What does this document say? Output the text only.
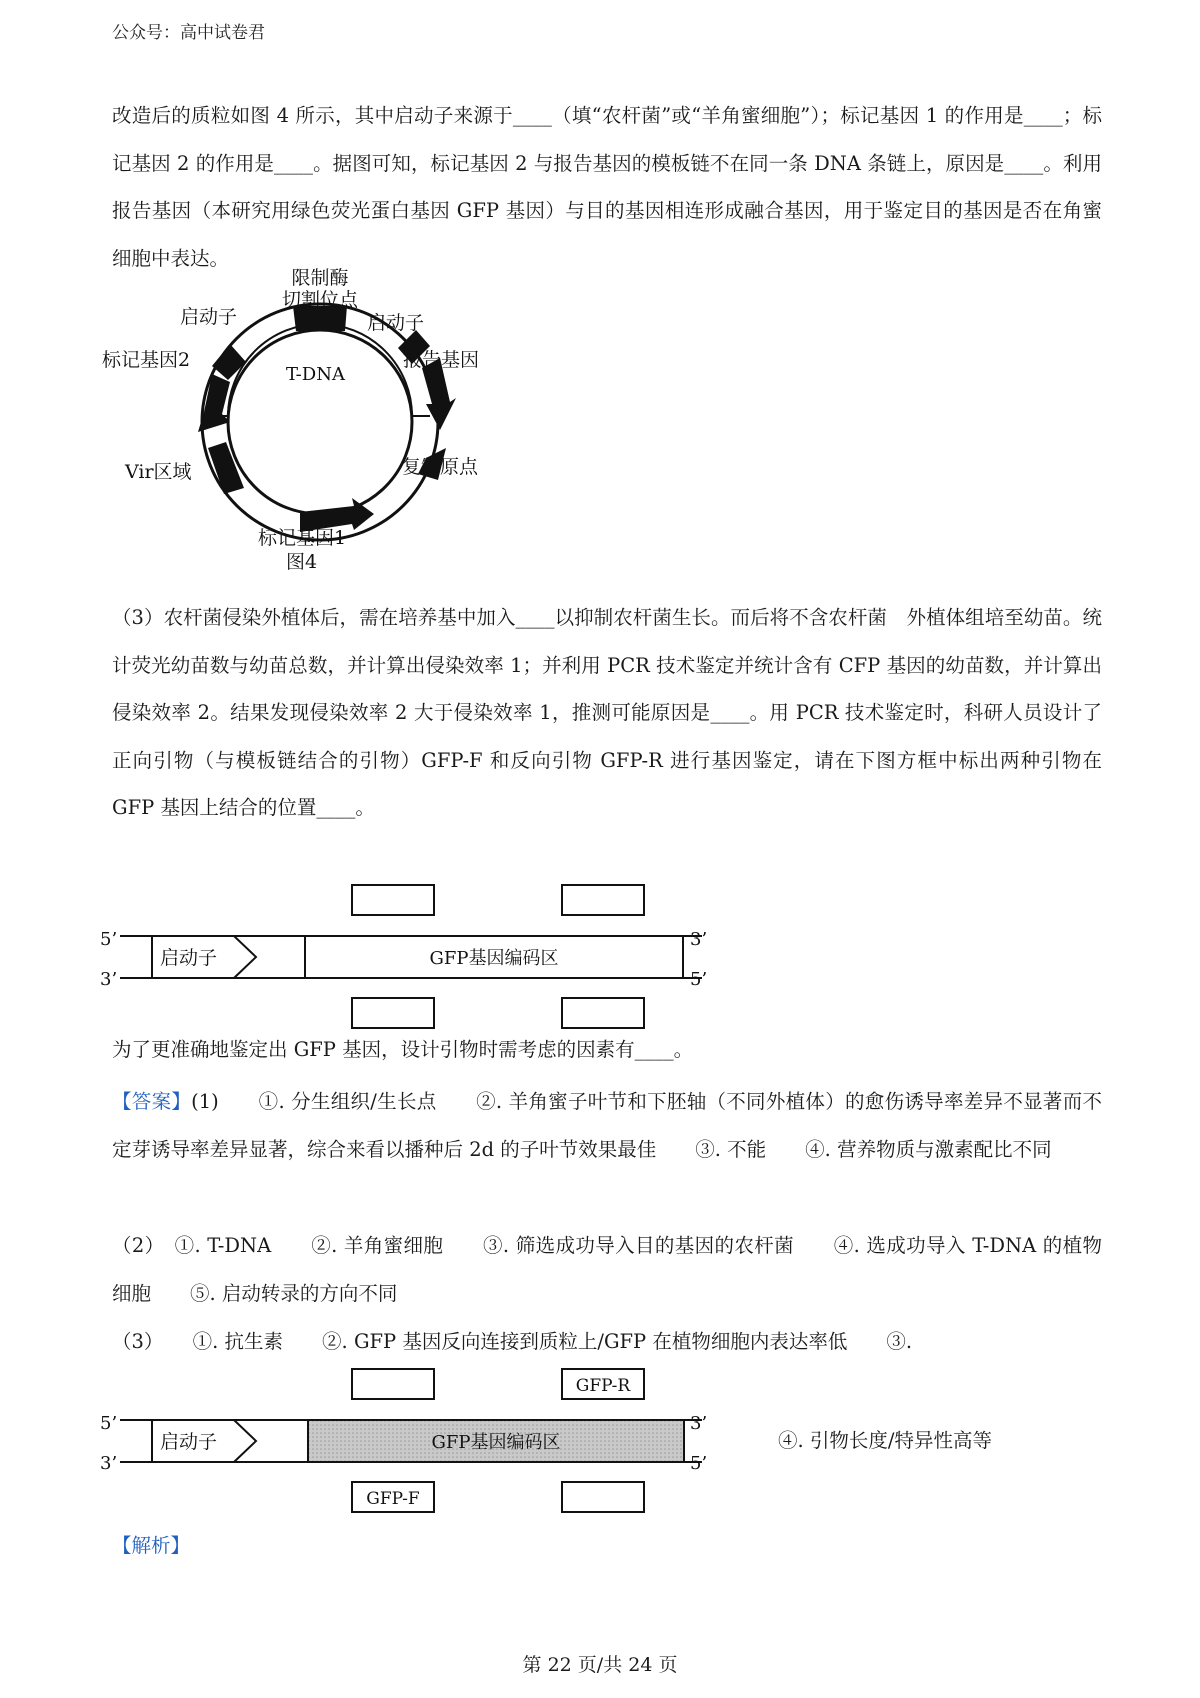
公众号：高中试卷君
改造后的质粒如图 4 所示，其中启动子来源于____（填“农杆菌”或“羊角蜜细胞”）；标记基因 1 的作用是____；标记基因 2 的作用是____。据图可知，标记基因 2 与报告基因的模板链不在同一条 DNA 条链上，原因是____。利用报告基因（本研究用绿色荧光蛋白基因 GFP 基因）与目的基因相连形成融合基因，用于鉴定目的基因是否在角蜜细胞中表达。
限制酶
切割位点
启动子	启动子
标记基因2	报告基因
T-DNA
Vir区域	复制原点
标记基因1
图4
（3）农杆菌侵染外植体后，需在培养基中加入____以抑制农杆菌生长。而后将不含农杆菌　外植体组培至幼苗。统计荧光幼苗数与幼苗总数，并计算出侵染效率 1；并利用 PCR 技术鉴定并统计含有 CFP 基因的幼苗数，并计算出侵染效率 2。结果发现侵染效率 2 大于侵染效率 1，推测可能原因是____。用 PCR 技术鉴定时，科研人员设计了正向引物（与模板链结合的引物）GFP-F 和反向引物 GFP-R 进行基因鉴定，请在下图方框中标出两种引物在 GFP 基因上结合的位置____。
5’
3’
3’
5’
启动子	GFP基因编码区
为了更准确地鉴定出 GFP 基因，设计引物时需考虑的因素有____。
【答案】(1)　　①. 分生组织/生长点　　②. 羊角蜜子叶节和下胚轴（不同外植体）的愈伤诱导率差异不显著而不定芽诱导率差异显著，综合来看以播种后 2d 的子叶节效果最佳　　③. 不能　　④. 营养物质与激素配比不同
（2）　①. T-DNA　　②. 羊角蜜细胞　　③. 筛选成功导入目的基因的农杆菌　　④. 选成功导入 T-DNA 的植物细胞　　⑤. 启动转录的方向不同
（3）　　①. 抗生素　　②. GFP 基因反向连接到质粒上/GFP 在植物细胞内表达率低　　③.
5’
3’
3’
5’
启动子	GFP基因编码区
GFP-R
GFP-F
④. 引物长度/特异性高等
【解析】
第 22 页/共 24 页
